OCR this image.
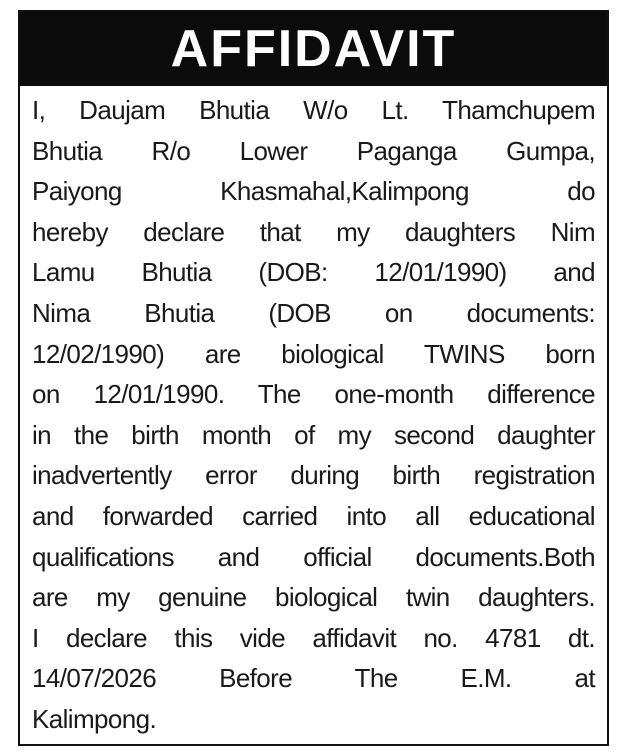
AFFIDAVIT
I, Daujam Bhutia W/o Lt. Thamchupem
Bhutia R/o Lower Paganga Gumpa,
Paiyong Khasmahal,Kalimpong do
hereby declare that my daughters Nim
Lamu Bhutia (DOB: 12/01/1990) and
Nima Bhutia (DOB on documents:
12/02/1990) are biological TWINS born
on 12/01/1990. The one-month difference
in the birth month of my second daughter
inadvertently error during birth registration
and forwarded carried into all educational
qualifications and official documents.Both
are my genuine biological twin daughters.
I declare this vide affidavit no. 4781 dt.
14/07/2026 Before The E.M. at
Kalimpong.
